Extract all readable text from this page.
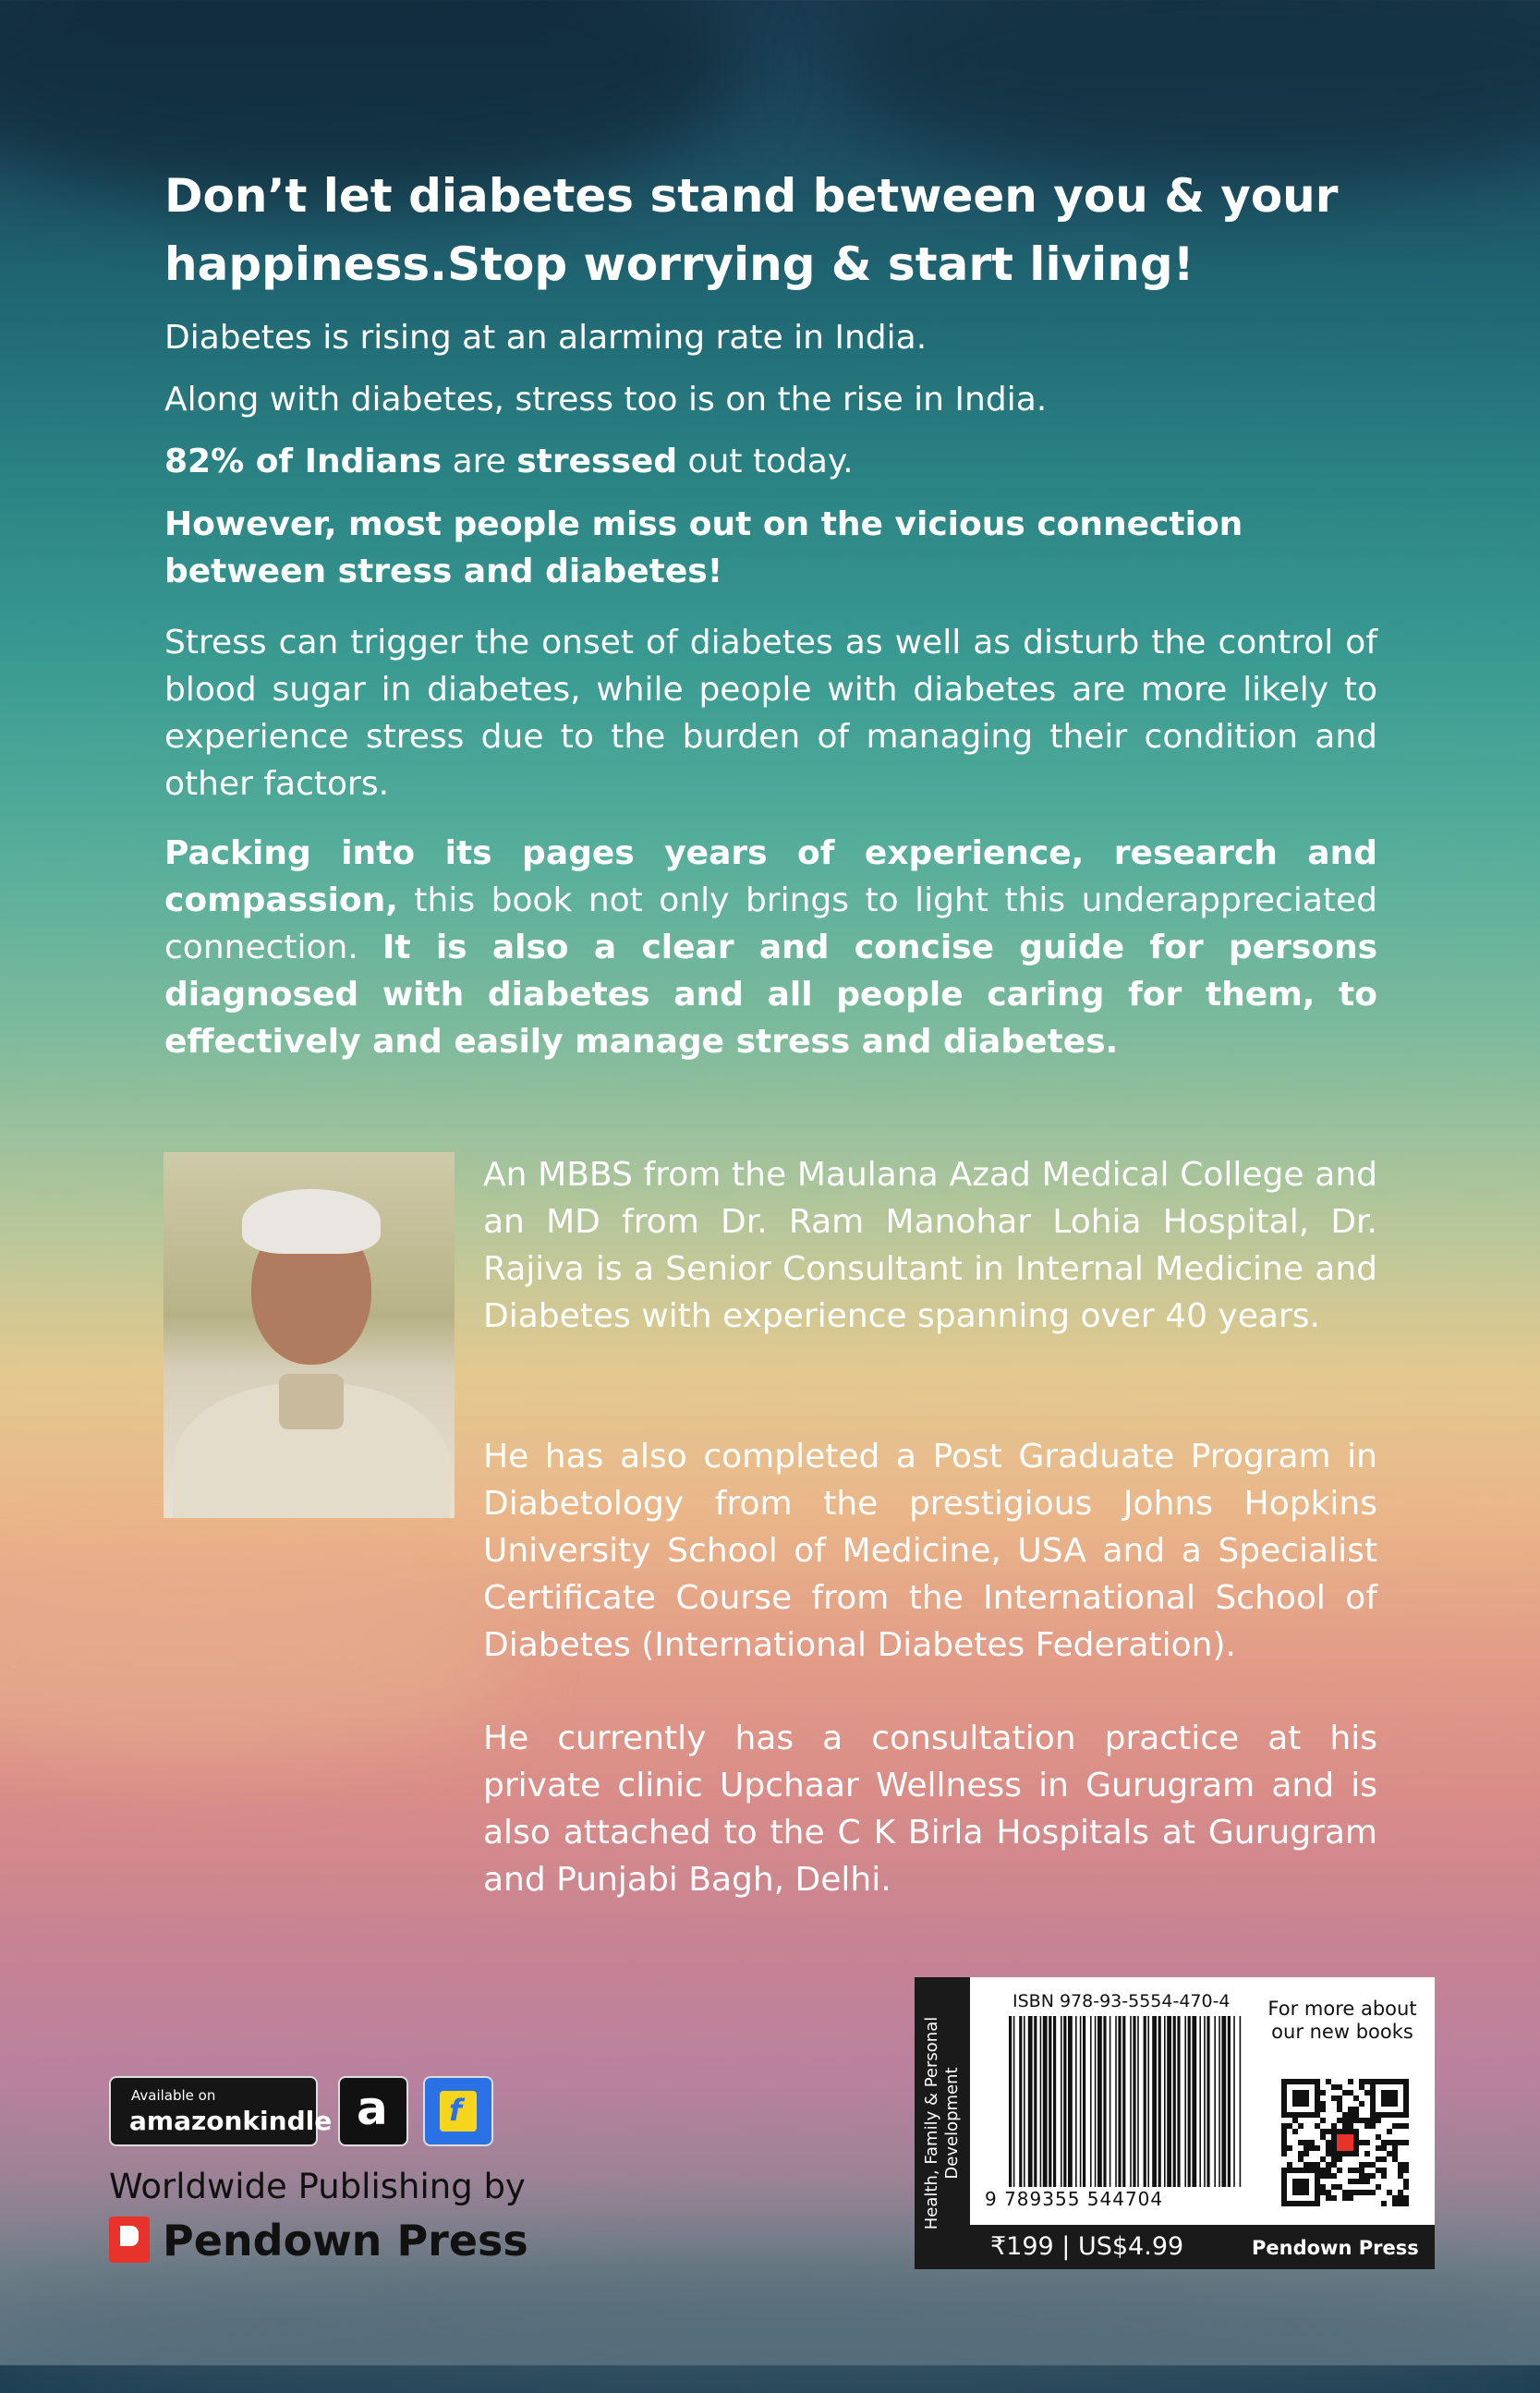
Don’t let diabetes stand between you & your
happiness.Stop worrying & start living!

Diabetes is rising at an alarming rate in India.

Along with diabetes, stress too is on the rise in India.

82% of Indians are stressed out today.

However, most people miss out on the vicious connection between stress and diabetes!

Stress can trigger the onset of diabetes as well as disturb the control of blood sugar in diabetes, while people with diabetes are more likely to experience stress due to the burden of managing their condition and other factors.

Packing into its pages years of experience, research and compassion, this book not only brings to light this underappreciated connection. It is also a clear and concise guide for persons diagnosed with diabetes and all people caring for them, to effectively and easily manage stress and diabetes.

An MBBS from the Maulana Azad Medical College and an MD from Dr. Ram Manohar Lohia Hospital, Dr. Rajiva is a Senior Consultant in Internal Medicine and Diabetes with experience spanning over 40 years.

He has also completed a Post Graduate Program in Diabetology from the prestigious Johns Hopkins University School of Medicine, USA and a Specialist Certificate Course from the International School of Diabetes (International Diabetes Federation).

He currently has a consultation practice at his private clinic Upchaar Wellness in Gurugram and is also attached to the C K Birla Hospitals at Gurugram and Punjabi Bagh, Delhi.

Available on
amazonkindle a f
Worldwide Publishing by
Pendown Press
Health, Family & Personal Development
ISBN 978-93-5554-470-4
9 789355 544704
For more about our new books
₹199 | US$4.99	Pendown Press
